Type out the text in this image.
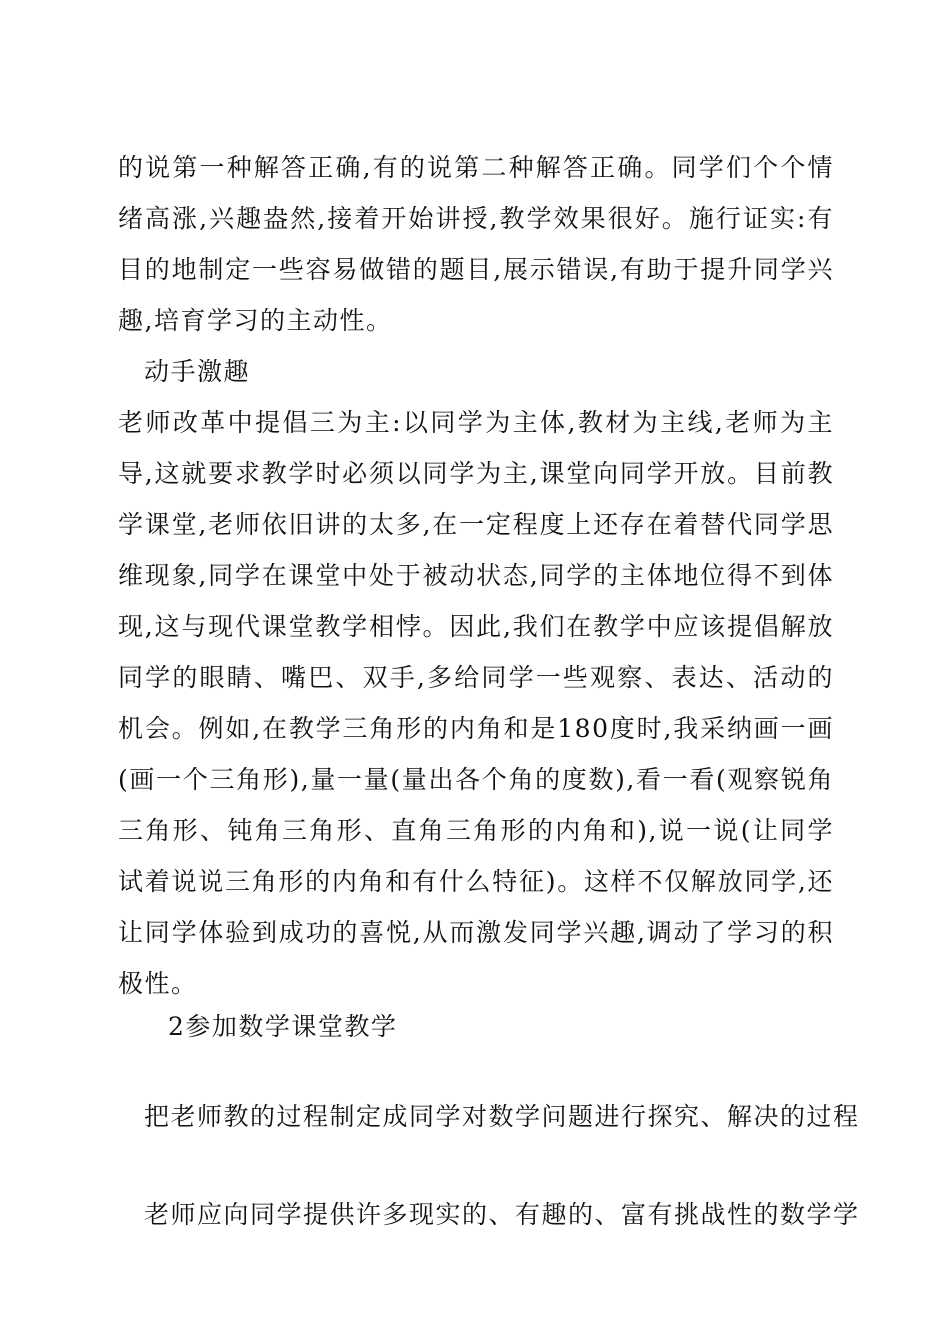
的说第一种解答正确,有的说第二种解答正确。同学们个个情绪高涨,兴趣盎然,接着开始讲授,教学效果很好。施行证实:有目的地制定一些容易做错的题目,展示错误,有助于提升同学兴趣,培育学习的主动性。

动手激趣

老师改革中提倡三为主:以同学为主体,教材为主线,老师为主导,这就要求教学时必须以同学为主,课堂向同学开放。目前教学课堂,老师依旧讲的太多,在一定程度上还存在着替代同学思维现象,同学在课堂中处于被动状态,同学的主体地位得不到体现,这与现代课堂教学相悖。因此,我们在教学中应该提倡解放同学的眼睛、嘴巴、双手,多给同学一些观察、表达、活动的机会。例如,在教学三角形的内角和是180度时,我采纳画一画(画一个三角形),量一量(量出各个角的度数),看一看(观察锐角三角形、钝角三角形、直角三角形的内角和),说一说(让同学试着说说三角形的内角和有什么特征)。这样不仅解放同学,还让同学体验到成功的喜悦,从而激发同学兴趣,调动了学习的积极性。

2参加数学课堂教学

把老师教的过程制定成同学对数学问题进行探究、解决的过程

老师应向同学提供许多现实的、有趣的、富有挑战性的数学学
